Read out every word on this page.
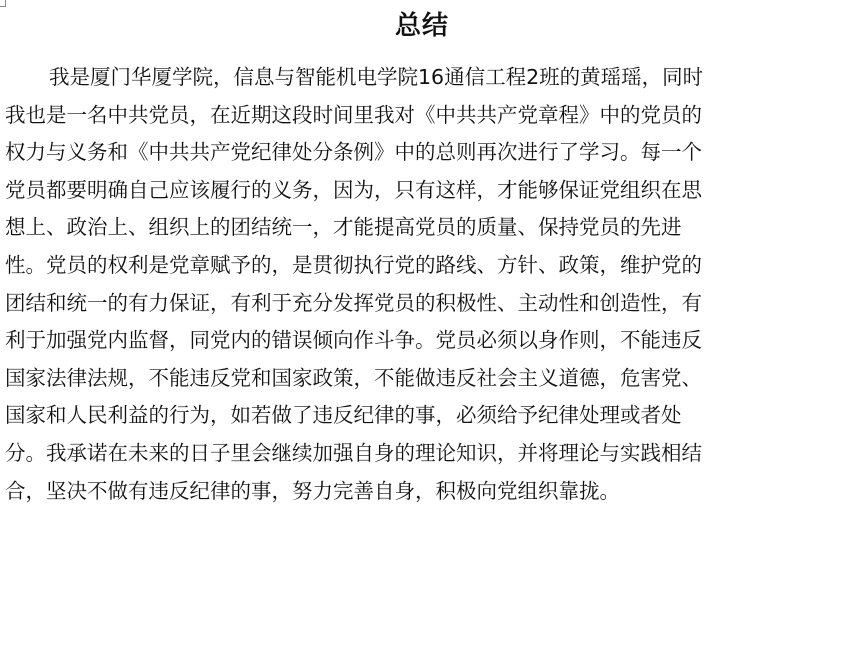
总结
我是厦门华厦学院，信息与智能机电学院16通信工程2班的黄瑶瑶，同时
我也是一名中共党员，在近期这段时间里我对《中共共产党章程》中的党员的
权力与义务和《中共共产党纪律处分条例》中的总则再次进行了学习。每一个
党员都要明确自己应该履行的义务，因为，只有这样，才能够保证党组织在思
想上、政治上、组织上的团结统一，才能提高党员的质量、保持党员的先进
性。党员的权利是党章赋予的，是贯彻执行党的路线、方针、政策，维护党的
团结和统一的有力保证，有利于充分发挥党员的积极性、主动性和创造性，有
利于加强党内监督，同党内的错误倾向作斗争。党员必须以身作则，不能违反
国家法律法规，不能违反党和国家政策，不能做违反社会主义道德，危害党、
国家和人民利益的行为，如若做了违反纪律的事，必须给予纪律处理或者处
分。我承诺在未来的日子里会继续加强自身的理论知识，并将理论与实践相结
合，坚决不做有违反纪律的事，努力完善自身，积极向党组织靠拢。
